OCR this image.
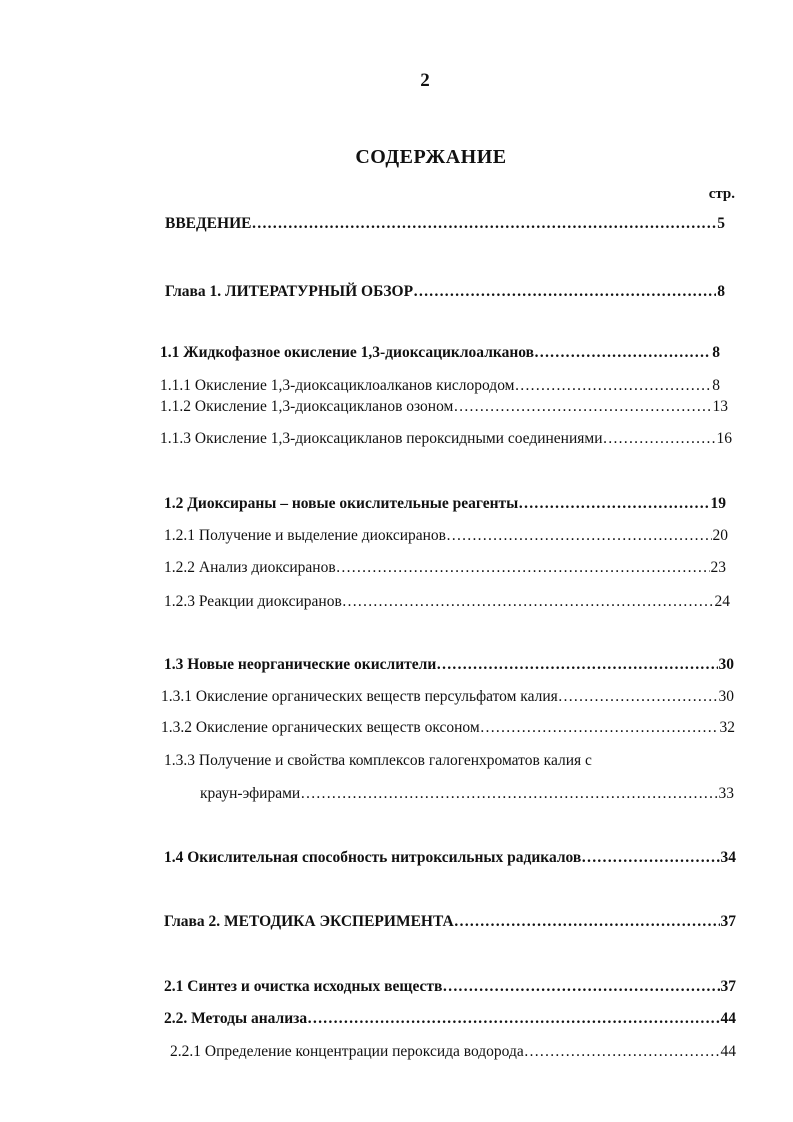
2
СОДЕРЖАНИЕ
стр.
ВВЕДЕНИЕ ………………………………………………………………………………………………………………………………………………	5
Глава 1. ЛИТЕРАТУРНЫЙ ОБЗОР ………………………………………………………………………………………………………………………………………………	8
1.1 Жидкофазное окисление 1,3-диоксациклоалканов ………………………………………………………………………………………………………………………………………………	8
1.1.1 Окисление 1,3-диоксациклоалканов кислородом ………………………………………………………………………………………………………………………………………………	8
1.1.2 Окисление 1,3-диоксацикланов озоном ………………………………………………………………………………………………………………………………………………	13
1.1.3 Окисление 1,3-диоксацикланов пероксидными соединениями ………………………………………………………………………………………………………………………………………………	16
1.2 Диоксираны – новые окислительные реагенты ………………………………………………………………………………………………………………………………………………	19
1.2.1 Получение и выделение диоксиранов ………………………………………………………………………………………………………………………………………………	20
1.2.2 Анализ диоксиранов ………………………………………………………………………………………………………………………………………………	23
1.2.3 Реакции диоксиранов ………………………………………………………………………………………………………………………………………………	24
1.3 Новые неорганические окислители ………………………………………………………………………………………………………………………………………………	30
1.3.1 Окисление органических веществ персульфатом калия ………………………………………………………………………………………………………………………………………………	30
1.3.2 Окисление органических веществ оксоном ………………………………………………………………………………………………………………………………………………	32
1.3.3 Получение и свойства комплексов галогенхроматов калия с
краун-эфирами ………………………………………………………………………………………………………………………………………………	33
1.4 Окислительная способность нитроксильных радикалов ………………………………………………………………………………………………………………………………………………	34
Глава 2. МЕТОДИКА ЭКСПЕРИМЕНТА ………………………………………………………………………………………………………………………………………………	37
2.1 Синтез и очистка исходных веществ ………………………………………………………………………………………………………………………………………………	37
2.2. Методы анализа ………………………………………………………………………………………………………………………………………………	44
2.2.1 Определение концентрации пероксида водорода ………………………………………………………………………………………………………………………………………………	44
